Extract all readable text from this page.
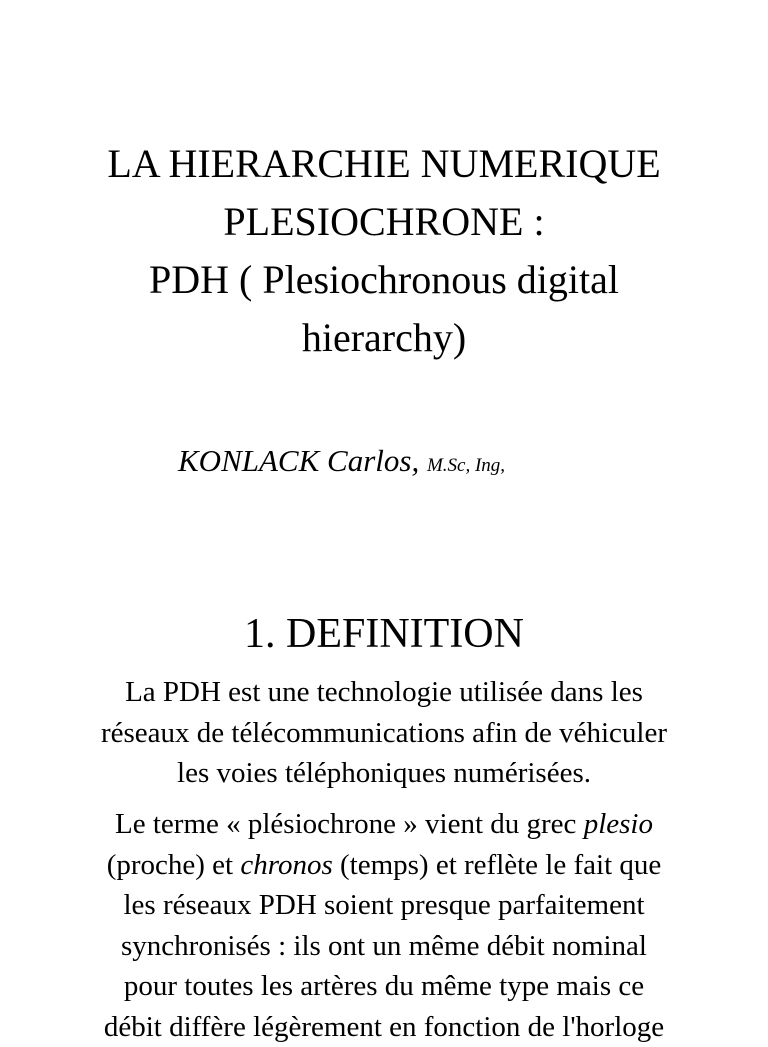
LA HIERARCHIE NUMERIQUE
PLESIOCHRONE :
PDH ( Plesiochronous digital
hierarchy)
KONLACK Carlos, M.Sc, Ing,
1. DEFINITION
La PDH est une technologie utilisée dans les
réseaux de télécommunications afin de véhiculer
les voies téléphoniques numérisées.
Le terme « plésiochrone » vient du grec plesio
(proche) et chronos (temps) et reflète le fait que
les réseaux PDH soient presque parfaitement
synchronisés : ils ont un même débit nominal
pour toutes les artères du même type mais ce
débit diffère légèrement en fonction de l'horloge
